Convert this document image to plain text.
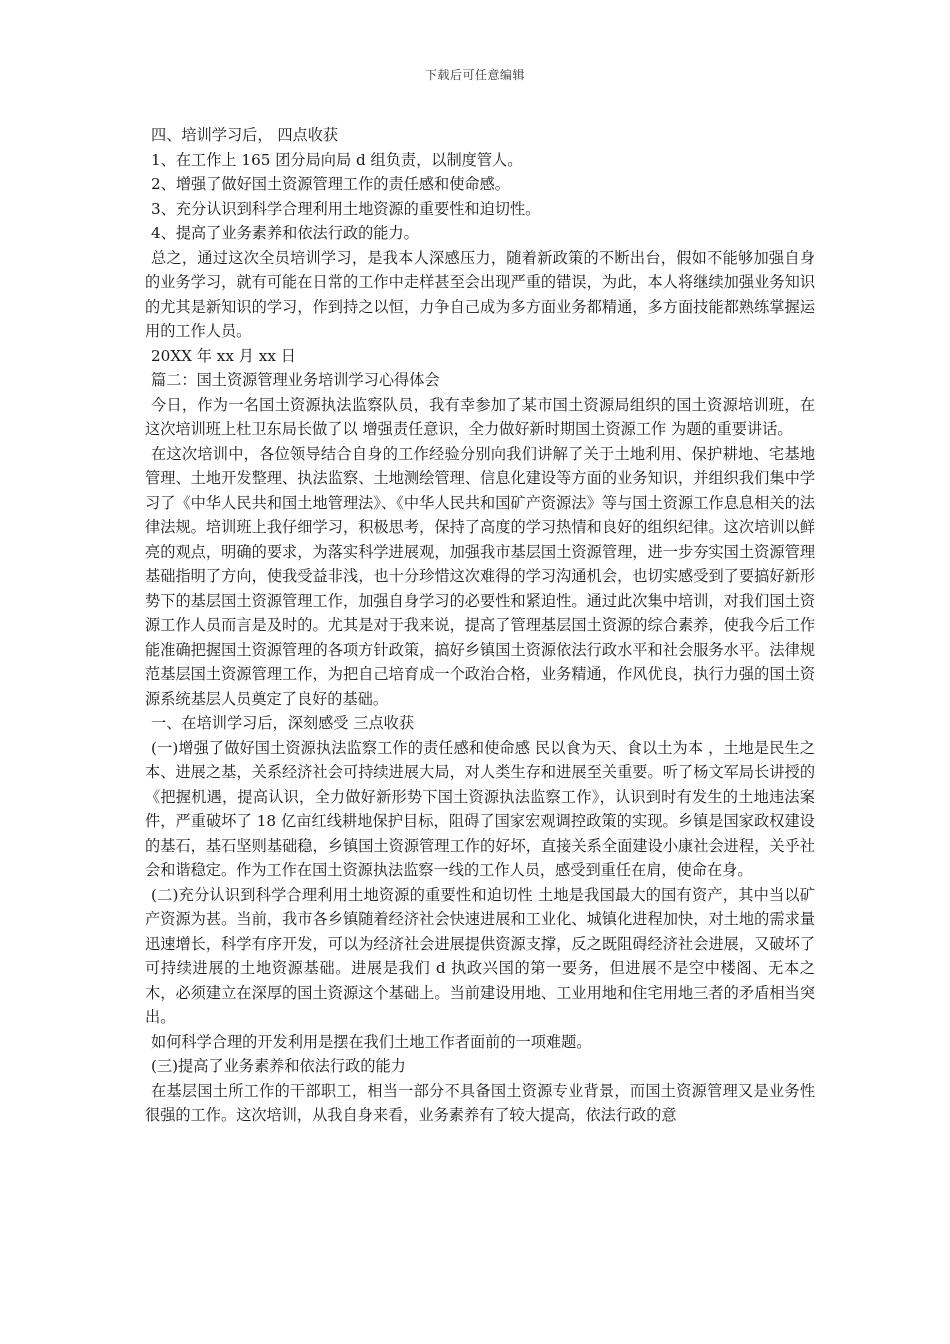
下载后可任意编辑

四、培训学习后， 四点收获

1、在工作上 165 团分局向局 d 组负责，以制度管人。

2、增强了做好国土资源管理工作的责任感和使命感。

3、充分认识到科学合理利用土地资源的重要性和迫切性。

4、提高了业务素养和依法行政的能力。

总之，通过这次全员培训学习，是我本人深感压力，随着新政策的不断出台，假如不能够加强自身的业务学习，就有可能在日常的工作中走样甚至会出现严重的错误，为此，本人将继续加强业务知识的尤其是新知识的学习，作到持之以恒，力争自己成为多方面业务都精通，多方面技能都熟练掌握运用的工作人员。

20XX 年 xx 月 xx 日

篇二：国土资源管理业务培训学习心得体会

今日，作为一名国土资源执法监察队员，我有幸参加了某市国土资源局组织的国土资源培训班，在这次培训班上杜卫东局长做了以 增强责任意识，全力做好新时期国土资源工作 为题的重要讲话。

在这次培训中，各位领导结合自身的工作经验分别向我们讲解了关于土地利用、保护耕地、宅基地管理、土地开发整理、执法监察、土地测绘管理、信息化建设等方面的业务知识，并组织我们集中学习了《中华人民共和国土地管理法》、《中华人民共和国矿产资源法》等与国土资源工作息息相关的法律法规。培训班上我仔细学习，积极思考，保持了高度的学习热情和良好的组织纪律。这次培训以鲜亮的观点，明确的要求，为落实科学进展观，加强我市基层国土资源管理，进一步夯实国土资源管理基础指明了方向，使我受益非浅，也十分珍惜这次难得的学习沟通机会，也切实感受到了要搞好新形势下的基层国土资源管理工作，加强自身学习的必要性和紧迫性。通过此次集中培训，对我们国土资源工作人员而言是及时的。尤其是对于我来说，提高了管理基层国土资源的综合素养，使我今后工作能准确把握国土资源管理的各项方针政策，搞好乡镇国土资源依法行政水平和社会服务水平。法律规范基层国土资源管理工作，为把自己培育成一个政治合格，业务精通，作风优良，执行力强的国土资源系统基层人员奠定了良好的基础。

一、在培训学习后，深刻感受 三点收获

(一)增强了做好国土资源执法监察工作的责任感和使命感 民以食为天、食以土为本 ，土地是民生之本、进展之基，关系经济社会可持续进展大局，对人类生存和进展至关重要。听了杨文军局长讲授的《把握机遇，提高认识，全力做好新形势下国土资源执法监察工作》，认识到时有发生的土地违法案件，严重破坏了 18 亿亩红线耕地保护目标，阻碍了国家宏观调控政策的实现。乡镇是国家政权建设的基石，基石坚则基础稳，乡镇国土资源管理工作的好坏，直接关系全面建设小康社会进程，关乎社会和谐稳定。作为工作在国土资源执法监察一线的工作人员，感受到重任在肩，使命在身。

(二)充分认识到科学合理利用土地资源的重要性和迫切性 土地是我国最大的国有资产，其中当以矿产资源为甚。当前，我市各乡镇随着经济社会快速进展和工业化、城镇化进程加快，对土地的需求量迅速增长，科学有序开发，可以为经济社会进展提供资源支撑，反之既阻碍经济社会进展，又破坏了可持续进展的土地资源基础。进展是我们 d 执政兴国的第一要务，但进展不是空中楼阁、无本之木，必须建立在深厚的国土资源这个基础上。当前建设用地、工业用地和住宅用地三者的矛盾相当突出。

如何科学合理的开发利用是摆在我们土地工作者面前的一项难题。

(三)提高了业务素养和依法行政的能力

在基层国土所工作的干部职工，相当一部分不具备国土资源专业背景，而国土资源管理又是业务性很强的工作。这次培训，从我自身来看，业务素养有了较大提高，依法行政的意
